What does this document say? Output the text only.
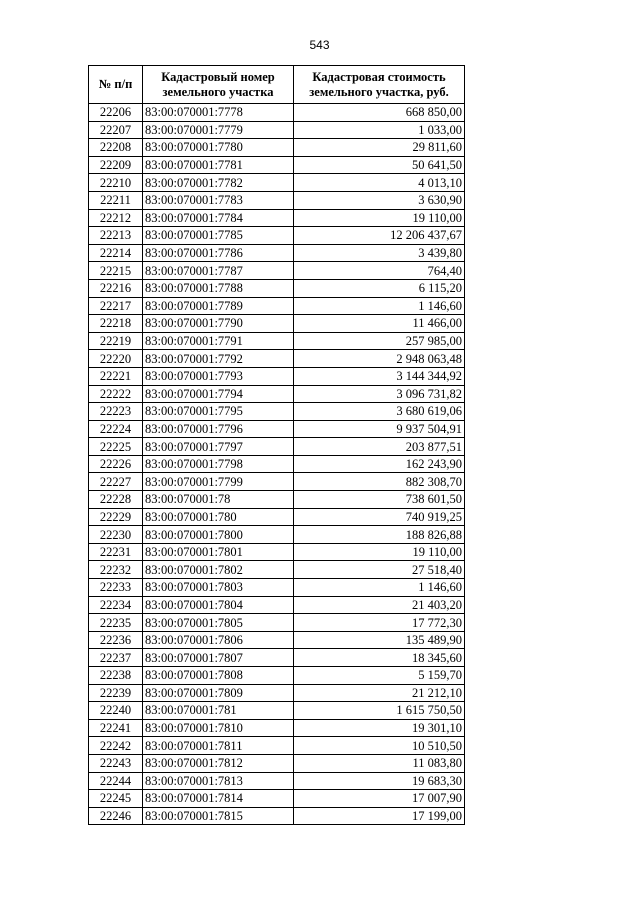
543
№ п/п	Кадастровый номер земельного участка	Кадастровая стоимость земельного участка, руб.
22206	83:00:070001:7778	668 850,00
22207	83:00:070001:7779	1 033,00
22208	83:00:070001:7780	29 811,60
22209	83:00:070001:7781	50 641,50
22210	83:00:070001:7782	4 013,10
22211	83:00:070001:7783	3 630,90
22212	83:00:070001:7784	19 110,00
22213	83:00:070001:7785	12 206 437,67
22214	83:00:070001:7786	3 439,80
22215	83:00:070001:7787	764,40
22216	83:00:070001:7788	6 115,20
22217	83:00:070001:7789	1 146,60
22218	83:00:070001:7790	11 466,00
22219	83:00:070001:7791	257 985,00
22220	83:00:070001:7792	2 948 063,48
22221	83:00:070001:7793	3 144 344,92
22222	83:00:070001:7794	3 096 731,82
22223	83:00:070001:7795	3 680 619,06
22224	83:00:070001:7796	9 937 504,91
22225	83:00:070001:7797	203 877,51
22226	83:00:070001:7798	162 243,90
22227	83:00:070001:7799	882 308,70
22228	83:00:070001:78	738 601,50
22229	83:00:070001:780	740 919,25
22230	83:00:070001:7800	188 826,88
22231	83:00:070001:7801	19 110,00
22232	83:00:070001:7802	27 518,40
22233	83:00:070001:7803	1 146,60
22234	83:00:070001:7804	21 403,20
22235	83:00:070001:7805	17 772,30
22236	83:00:070001:7806	135 489,90
22237	83:00:070001:7807	18 345,60
22238	83:00:070001:7808	5 159,70
22239	83:00:070001:7809	21 212,10
22240	83:00:070001:781	1 615 750,50
22241	83:00:070001:7810	19 301,10
22242	83:00:070001:7811	10 510,50
22243	83:00:070001:7812	11 083,80
22244	83:00:070001:7813	19 683,30
22245	83:00:070001:7814	17 007,90
22246	83:00:070001:7815	17 199,00
